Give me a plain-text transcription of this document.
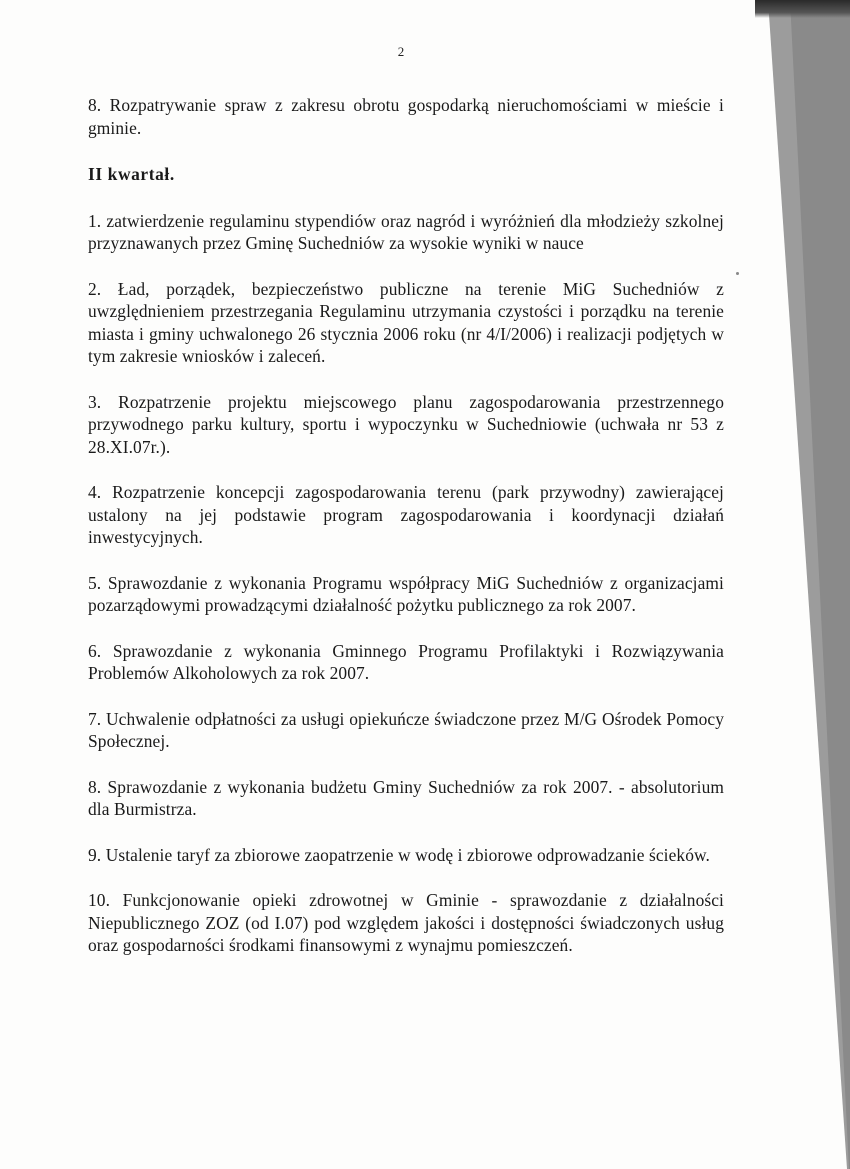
2

8. Rozpatrywanie spraw z zakresu obrotu gospodarką nieruchomościami w mieście i gminie.

II kwartał.

1. zatwierdzenie regulaminu stypendiów oraz nagród i wyróżnień dla młodzieży szkolnej przyznawanych przez Gminę Suchedniów za wysokie wyniki w nauce

2. Ład, porządek, bezpieczeństwo publiczne na terenie MiG Suchedniów z uwzględnieniem przestrzegania Regulaminu utrzymania czystości i porządku na terenie miasta i gminy uchwalonego 26 stycznia 2006 roku (nr 4/I/2006) i realizacji podjętych w tym zakresie wniosków i zaleceń.

3. Rozpatrzenie projektu miejscowego planu zagospodarowania przestrzennego przywodnego parku kultury, sportu i wypoczynku w Suchedniowie (uchwała nr 53 z 28.XI.07r.).

4. Rozpatrzenie koncepcji zagospodarowania terenu (park przywodny) zawierającej ustalony na jej podstawie program zagospodarowania i koordynacji działań inwestycyjnych.

5. Sprawozdanie z wykonania Programu współpracy MiG Suchedniów z organizacjami pozarządowymi prowadzącymi działalność pożytku publicznego za rok 2007.

6. Sprawozdanie z wykonania Gminnego Programu Profilaktyki i Rozwiązywania Problemów Alkoholowych za rok 2007.

7. Uchwalenie odpłatności za usługi opiekuńcze świadczone przez M/G Ośrodek Pomocy Społecznej.

8. Sprawozdanie z wykonania budżetu Gminy Suchedniów za rok 2007. - absolutorium dla Burmistrza.

9. Ustalenie taryf za zbiorowe zaopatrzenie w wodę i zbiorowe odprowadzanie ścieków.

10. Funkcjonowanie opieki zdrowotnej w Gminie - sprawozdanie z działalności Niepublicznego ZOZ (od I.07) pod względem jakości i dostępności świadczonych usług oraz gospodarności środkami finansowymi z wynajmu pomieszczeń.
